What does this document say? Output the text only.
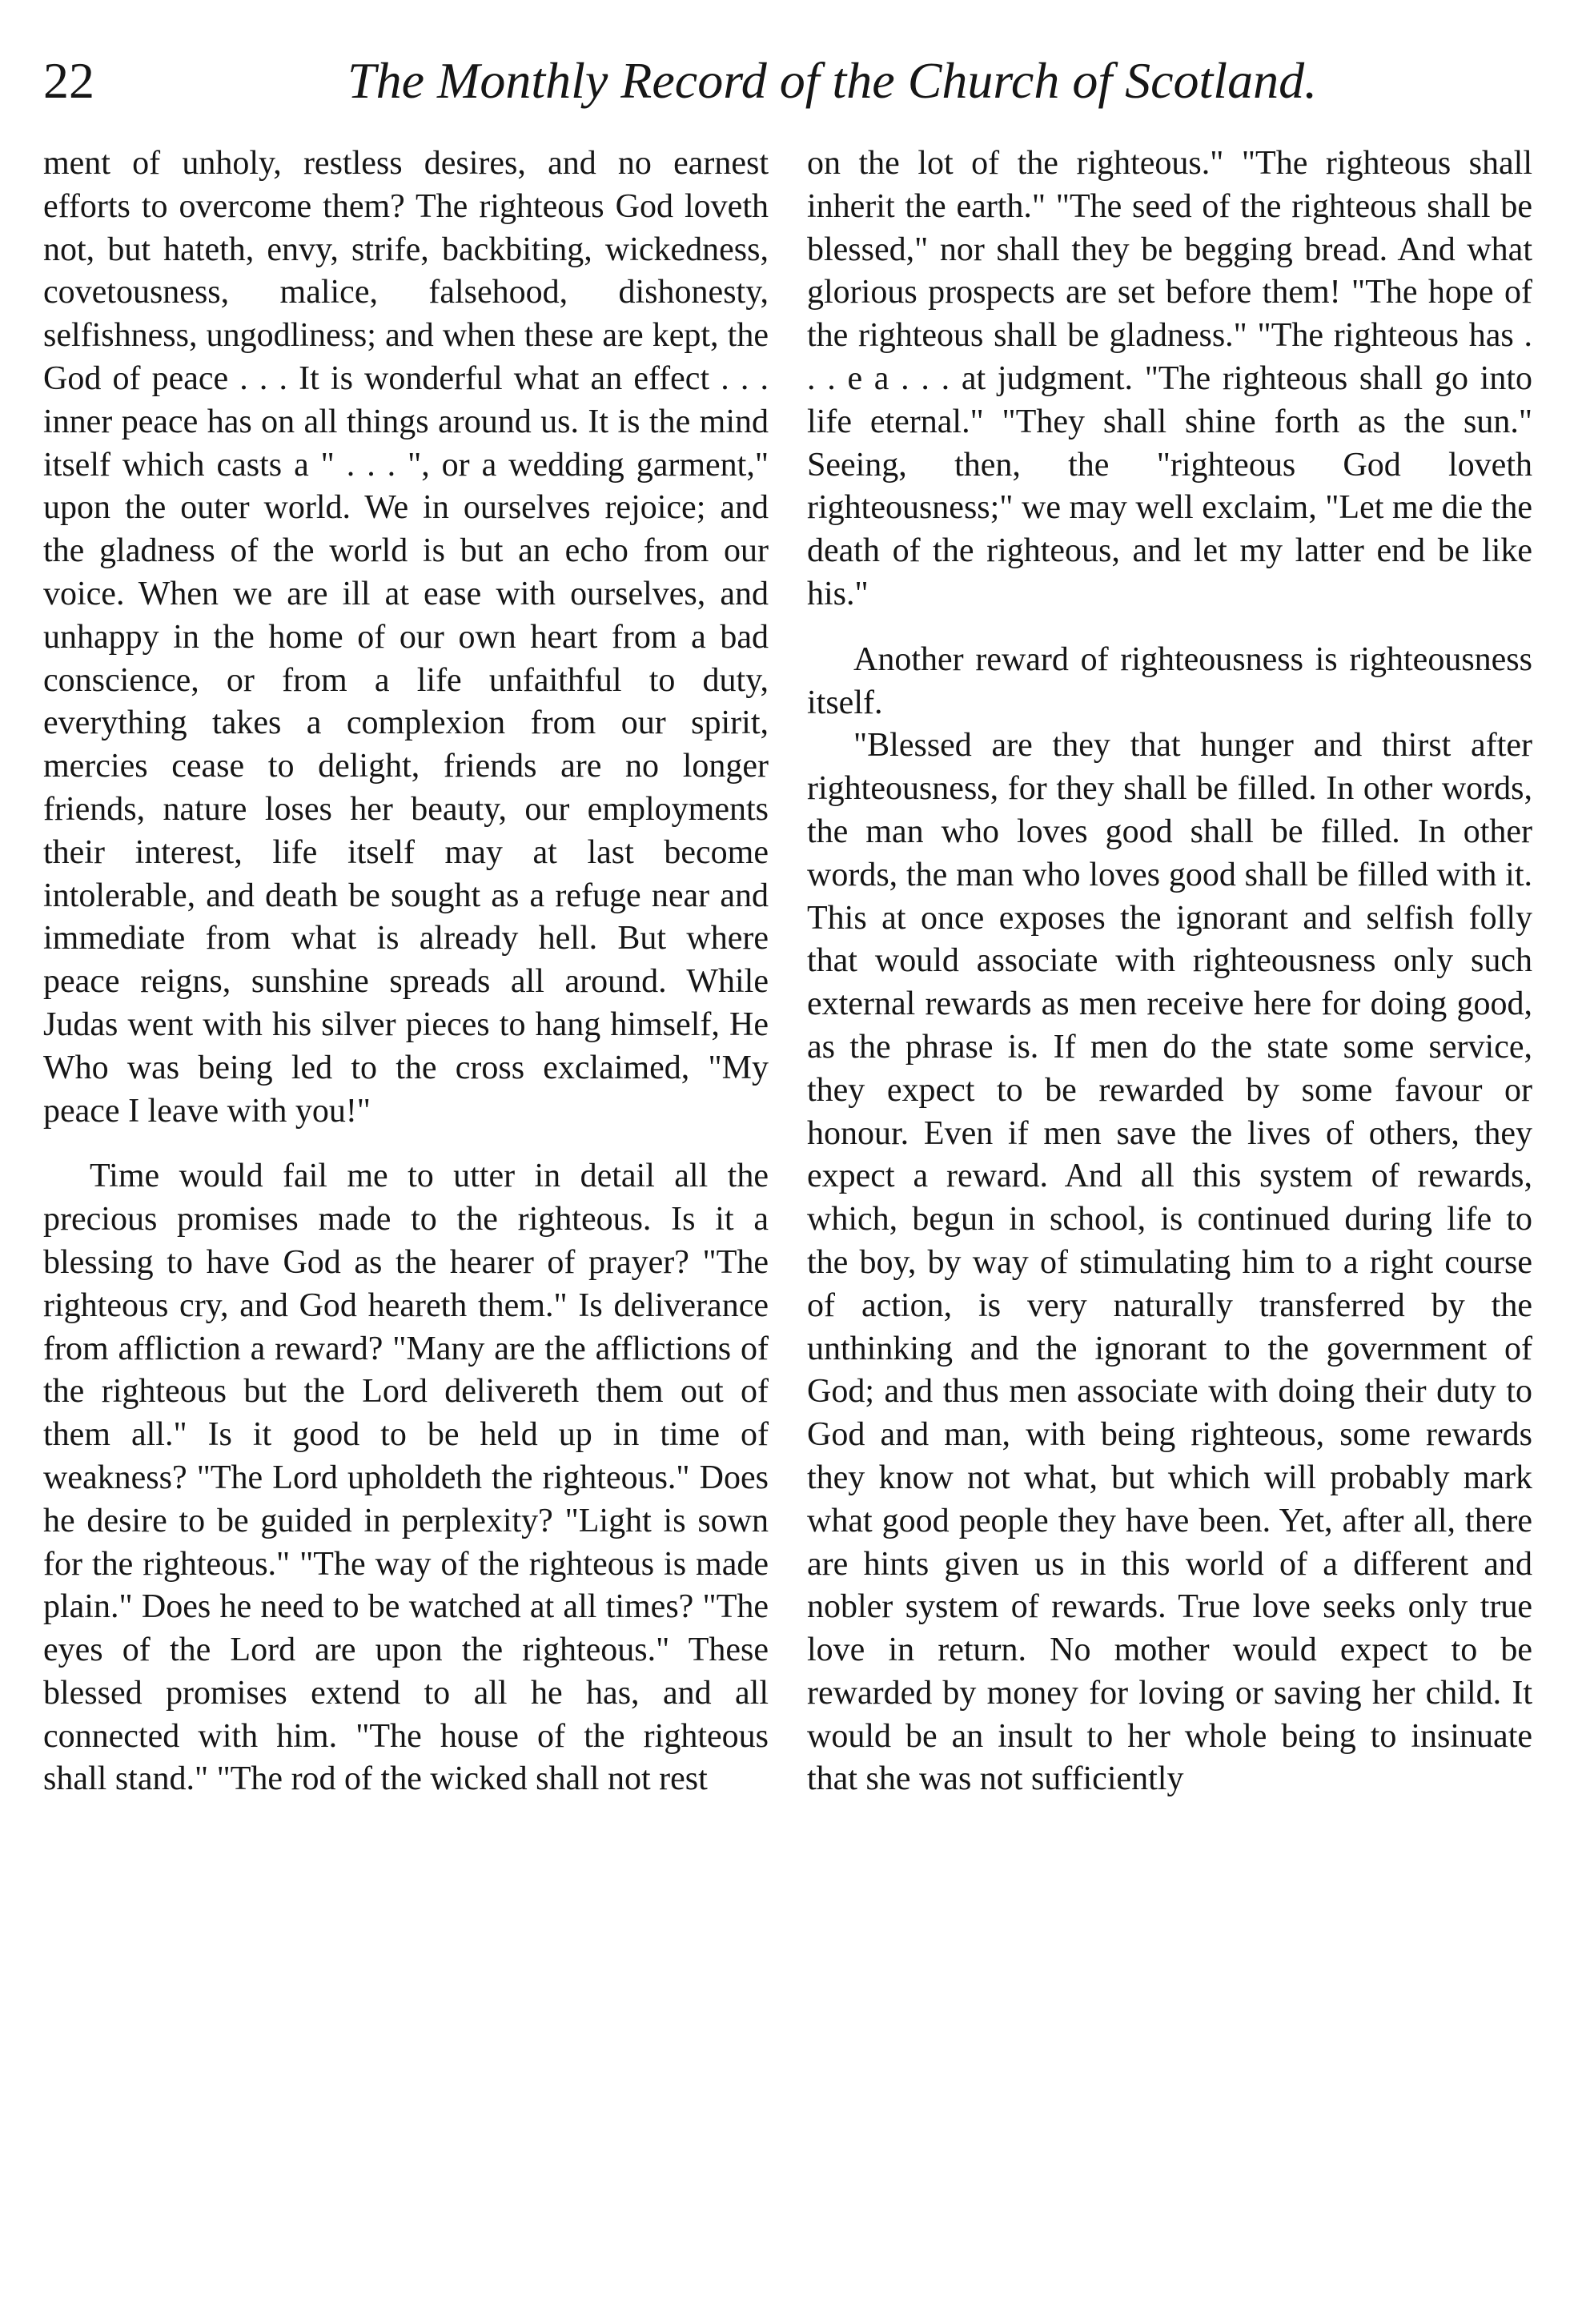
22	The Monthly Record of the Church of Scotland.

ment of unholy, restless desires, and no earnest efforts to overcome them? The righteous God loveth not, but hateth, envy, strife, backbiting, wickedness, covetousness, malice, falsehood, dishonesty, selfishness, ungodliness; and when these are kept, the God of peace . . . It is wonderful what an effect . . . inner peace has on all things around us. It is the mind itself which casts a " . . . ", or a wedding garment," upon the outer world. We in ourselves rejoice; and the gladness of the world is but an echo from our voice. When we are ill at ease with ourselves, and unhappy in the home of our own heart from a bad conscience, or from a life unfaithful to duty, everything takes a complexion from our spirit, mercies cease to delight, friends are no longer friends, nature loses her beauty, our employments their interest, life itself may at last become intolerable, and death be sought as a refuge near and immediate from what is already hell. But where peace reigns, sunshine spreads all around. While Judas went with his silver pieces to hang himself, He Who was being led to the cross exclaimed, "My peace I leave with you!"

Time would fail me to utter in detail all the precious promises made to the righteous. Is it a blessing to have God as the hearer of prayer? "The righteous cry, and God heareth them." Is deliverance from affliction a reward? "Many are the afflictions of the righteous but the Lord delivereth them out of them all." Is it good to be held up in time of weakness? "The Lord upholdeth the righteous." Does he desire to be guided in perplexity? "Light is sown for the righteous." "The way of the righteous is made plain." Does he need to be watched at all times? "The eyes of the Lord are upon the righteous." These blessed promises extend to all he has, and all connected with him. "The house of the righteous shall stand." "The rod of the wicked shall not rest

on the lot of the righteous." "The righteous shall inherit the earth." "The seed of the righteous shall be blessed," nor shall they be begging bread. And what glorious prospects are set before them! "The hope of the righteous shall be gladness." "The righteous has . . . e a . . . at judgment. "The righteous shall go into life eternal." "They shall shine forth as the sun." Seeing, then, the "righteous God loveth righteousness;" we may well exclaim, "Let me die the death of the righteous, and let my latter end be like his."

Another reward of righteousness is righteousness itself.

"Blessed are they that hunger and thirst after righteousness, for they shall be filled. In other words, the man who loves good shall be filled. In other words, the man who loves good shall be filled with it. This at once exposes the ignorant and selfish folly that would associate with righteousness only such external rewards as men receive here for doing good, as the phrase is. If men do the state some service, they expect to be rewarded by some favour or honour. Even if men save the lives of others, they expect a reward. And all this system of rewards, which, begun in school, is continued during life to the boy, by way of stimulating him to a right course of action, is very naturally transferred by the unthinking and the ignorant to the government of God; and thus men associate with doing their duty to God and man, with being righteous, some rewards they know not what, but which will probably mark what good people they have been. Yet, after all, there are hints given us in this world of a different and nobler system of rewards. True love seeks only true love in return. No mother would expect to be rewarded by money for loving or saving her child. It would be an insult to her whole being to insinuate that she was not sufficiently
